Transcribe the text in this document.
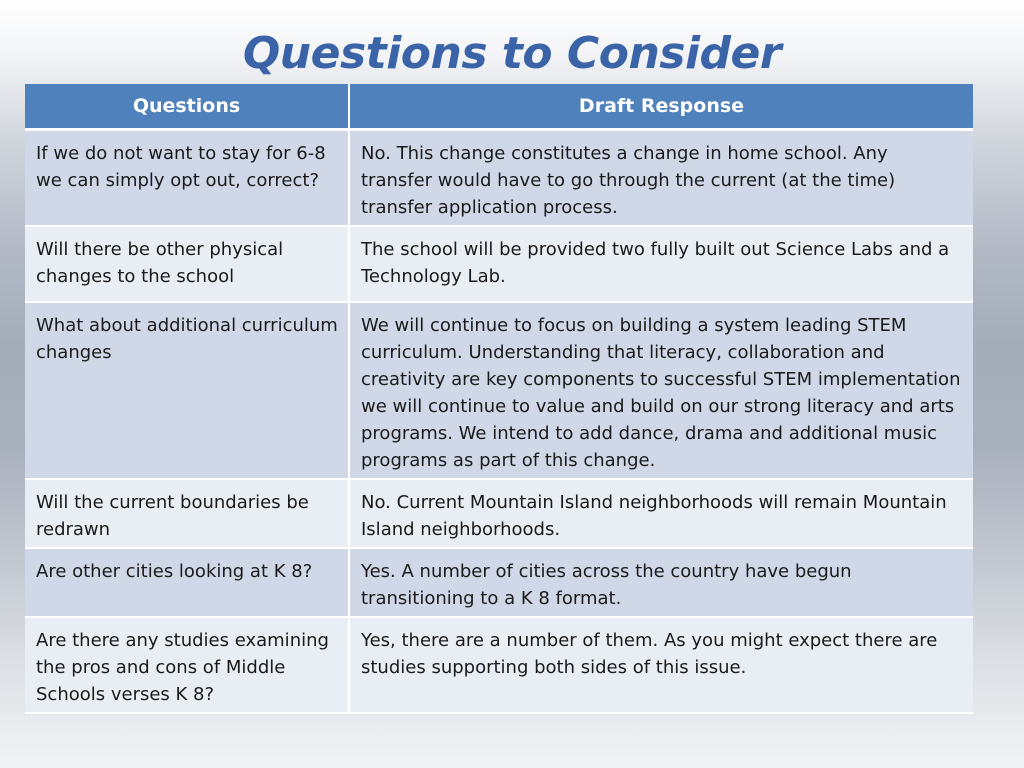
Questions to Consider
Questions	Draft Response
If we do not want to stay for 6-8 we can simply opt out, correct?	No. This change constitutes a change in home school. Any transfer would have to go through the current (at the time) transfer application process.
Will there be other physical changes to the school	The school will be provided two fully built out Science Labs and a Technology Lab.
What about additional curriculum changes	We will continue to focus on building a system leading STEM curriculum. Understanding that literacy, collaboration and creativity are key components to successful STEM implementation we will continue to value and build on our strong literacy and arts programs. We intend to add dance, drama and additional music programs as part of this change.
Will the current boundaries be redrawn	No. Current Mountain Island neighborhoods will remain Mountain Island neighborhoods.
Are other cities looking at K 8?	Yes. A number of cities across the country have begun transitioning to a K 8 format.
Are there any studies examining the pros and cons of Middle Schools verses K 8?	Yes, there are a number of them. As you might expect there are studies supporting both sides of this issue.
